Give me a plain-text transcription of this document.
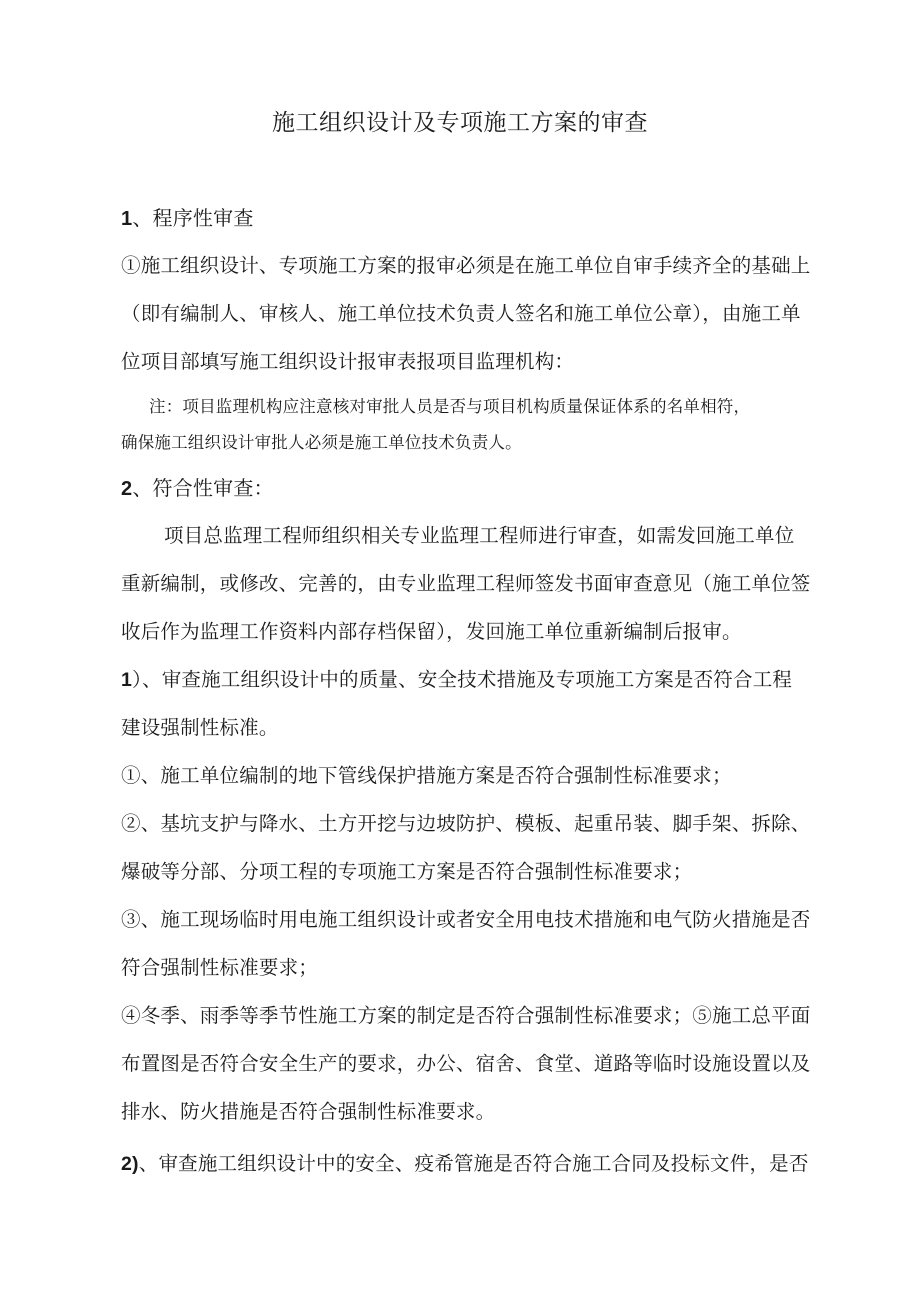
施工组织设计及专项施工方案的审查
1、程序性审查
①施工组织设计、专项施工方案的报审必须是在施工单位自审手续齐全的基础上
（即有编制人、审核人、施工单位技术负责人签名和施工单位公章），由施工单
位项目部填写施工组织设计报审表报项目监理机构：
注：项目监理机构应注意核对审批人员是否与项目机构质量保证体系的名单相符，
确保施工组织设计审批人必须是施工单位技术负责人。
2、符合性审查：
项目总监理工程师组织相关专业监理工程师进行审查，如需发回施工单位
重新编制，或修改、完善的，由专业监理工程师签发书面审查意见（施工单位签
收后作为监理工作资料内部存档保留），发回施工单位重新编制后报审。
1）、审查施工组织设计中的质量、安全技术措施及专项施工方案是否符合工程
建设强制性标准。
①、施工单位编制的地下管线保护措施方案是否符合强制性标准要求；
②、基坑支护与降水、土方开挖与边坡防护、模板、起重吊装、脚手架、拆除、
爆破等分部、分项工程的专项施工方案是否符合强制性标准要求；
③、施工现场临时用电施工组织设计或者安全用电技术措施和电气防火措施是否
符合强制性标准要求；
④冬季、雨季等季节性施工方案的制定是否符合强制性标准要求；⑤施工总平面
布置图是否符合安全生产的要求，办公、宿舍、食堂、道路等临时设施设置以及
排水、防火措施是否符合强制性标准要求。
2)、审查施工组织设计中的安全、疫希管施是否符合施工合同及投标文件，是否
